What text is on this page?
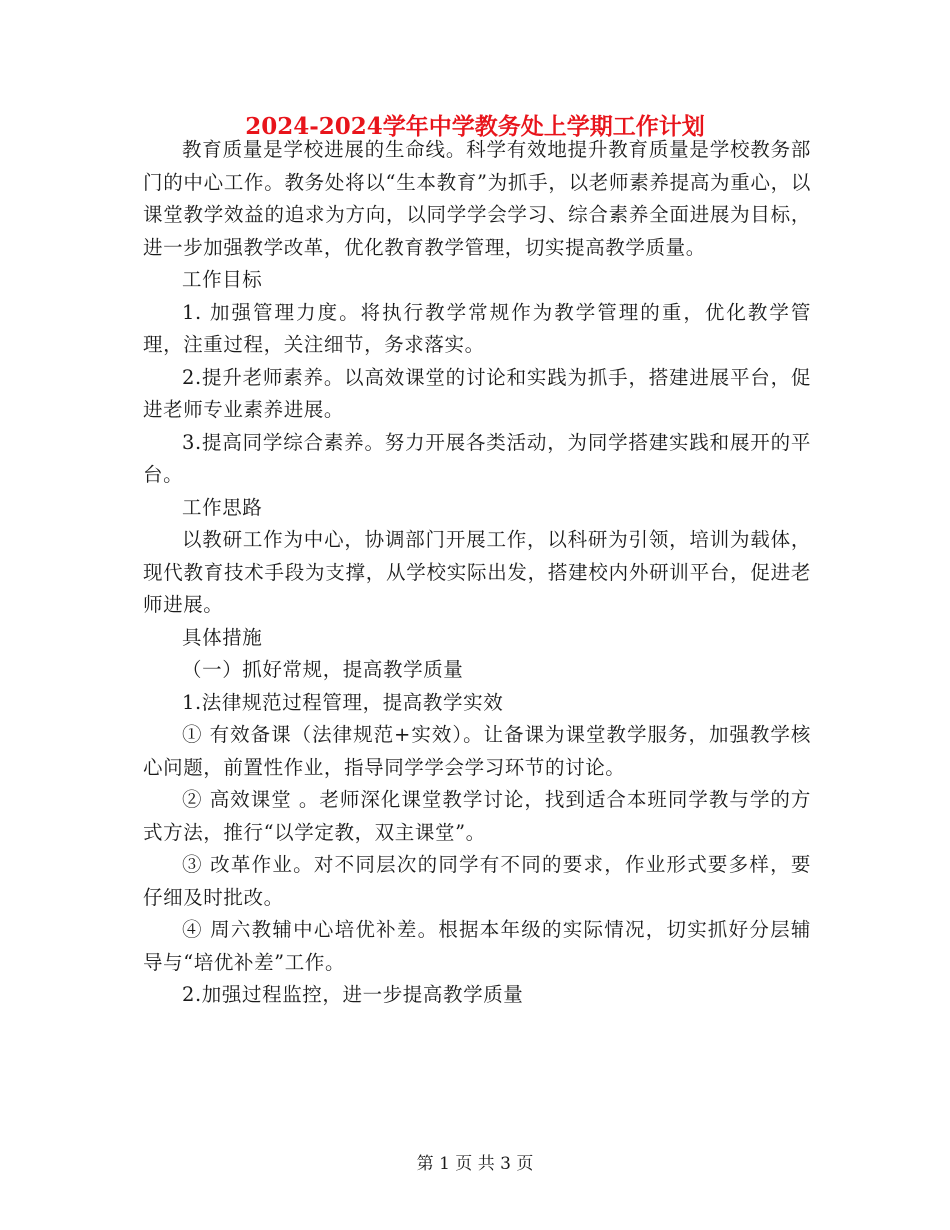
2024-2024学年中学教务处上学期工作计划

教育质量是学校进展的生命线。科学有效地提升教育质量是学校教务部门的中心工作。教务处将以“生本教育”为抓手，以老师素养提高为重心，以课堂教学效益的追求为方向，以同学学会学习、综合素养全面进展为目标，进一步加强教学改革，优化教育教学管理，切实提高教学质量。

工作目标

1. 加强管理力度。将执行教学常规作为教学管理的重，优化教学管理，注重过程，关注细节，务求落实。

2.提升老师素养。以高效课堂的讨论和实践为抓手，搭建进展平台，促进老师专业素养进展。

3.提高同学综合素养。努力开展各类活动，为同学搭建实践和展开的平台。

工作思路

以教研工作为中心，协调部门开展工作，以科研为引领，培训为载体，现代教育技术手段为支撑，从学校实际出发，搭建校内外研训平台，促进老师进展。

具体措施

（一）抓好常规，提高教学质量

1.法律规范过程管理，提高教学实效

① 有效备课（法律规范+实效）。让备课为课堂教学服务，加强教学核心问题，前置性作业，指导同学学会学习环节的讨论。

② 高效课堂 。老师深化课堂教学讨论，找到适合本班同学教与学的方式方法，推行“以学定教，双主课堂”。

③ 改革作业。对不同层次的同学有不同的要求，作业形式要多样，要仔细及时批改。

④ 周六教辅中心培优补差。根据本年级的实际情况，切实抓好分层辅导与“培优补差”工作。

2.加强过程监控，进一步提高教学质量

第 1 页 共 3 页
